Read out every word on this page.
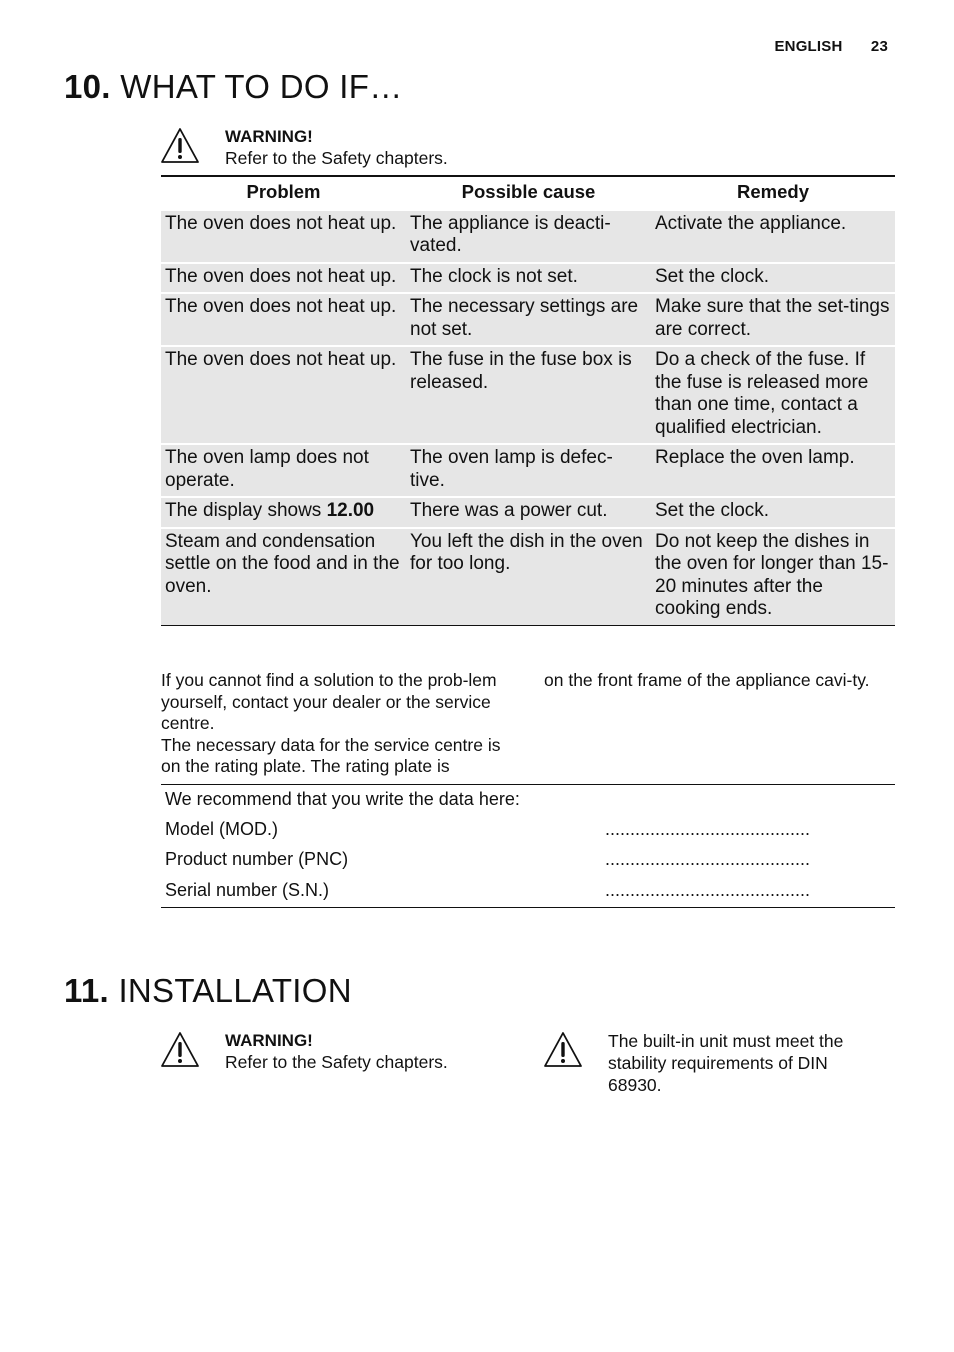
ENGLISH 23
10. WHAT TO DO IF…
WARNING!
Refer to the Safety chapters.
Problem	Possible cause	Remedy
The oven does not heat up.	The appliance is deacti-vated.	Activate the appliance.
The oven does not heat up.	The clock is not set.	Set the clock.
The oven does not heat up.	The necessary settings are not set.	Make sure that the set-tings are correct.
The oven does not heat up.	The fuse in the fuse box is released.	Do a check of the fuse. If the fuse is released more than one time, contact a qualified electrician.
The oven lamp does not operate.	The oven lamp is defec-tive.	Replace the oven lamp.
The display shows 12.00	There was a power cut.	Set the clock.
Steam and condensation settle on the food and in the oven.	You left the dish in the oven for too long.	Do not keep the dishes in the oven for longer than 15-20 minutes after the cooking ends.
If you cannot find a solution to the prob-lem yourself, contact your dealer or the service centre.
The necessary data for the service centre is on the rating plate. The rating plate is
on the front frame of the appliance cavi-ty.
We recommend that you write the data here:
Model (MOD.)	.........................................
Product number (PNC)	.........................................
Serial number (S.N.)	.........................................
11. INSTALLATION
WARNING!
Refer to the Safety chapters.
The built-in unit must meet the stability requirements of DIN 68930.
